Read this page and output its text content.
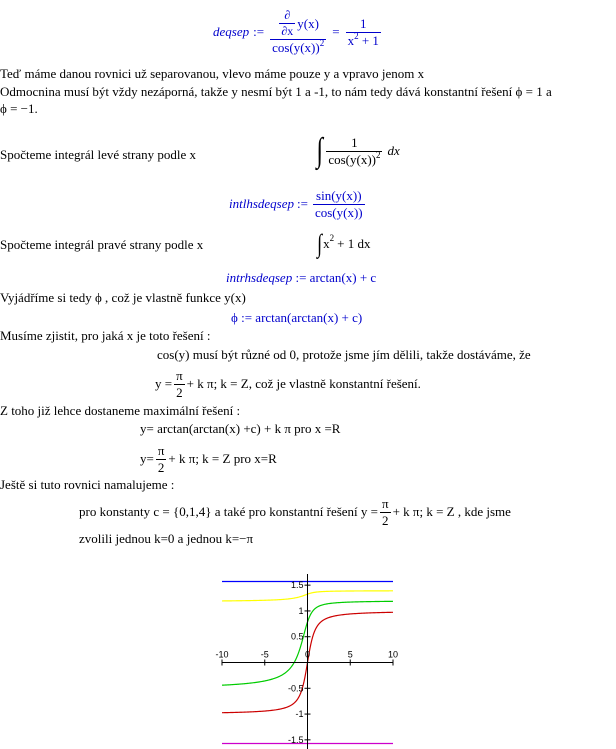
deqsep := $\frac{\frac{\partial}{\partial x} y(x)}{\cos(y(x))^2} = \frac{1}{x^2 + 1}$
Teď máme danou rovnici už separovanou, vlevo máme pouze y a vpravo jenom x
Odmocnina musí být vždy nezáporná, takže y nesmí být 1 a -1, to nám tedy dává konstantní řešení ϕ = 1 a
ϕ = −1.
Spočteme integrál levé strany podle x	∫ $\frac{1}{\cos(y(x))^2}$ dx
intlhsdeqsep := $\frac{\sin(y(x))}{\cos(y(x))}$
Spočteme integrál pravé strany podle x	∫ x 2 + 1 dx
intrhsdeqsep := arctan(x) + c
Vyjádříme si tedy ϕ , což je vlastně funkce y(x)
ϕ := arctan(arctan(x) + c)
Musíme zjistit, pro jaká x je toto řešení :
cos(y) musí být různé od 0, protože jsme jím dělili, takže dostáváme, že
$y = \frac{\pi}{2} + k$ π; k = Z, což je vlastně konstantní řešení.
Z toho již lehce dostaneme maximální řešení :
y= arctan(arctan(x) +c) + k π pro x =R
$y= \frac{\pi}{2} + k$ π; k = Z pro x=R
Ještě si tuto rovnici namalujeme :
pro konstanty c = {0,1,4} a také pro konstantní řešení $y = \frac{\pi}{2} + k$ π; k = Z , kde jsme
zvolili jednou k=0 a jednou k=−π
-10	-5	0	5	10
1.5
1
0.5
-0.5
-1
-1.5
